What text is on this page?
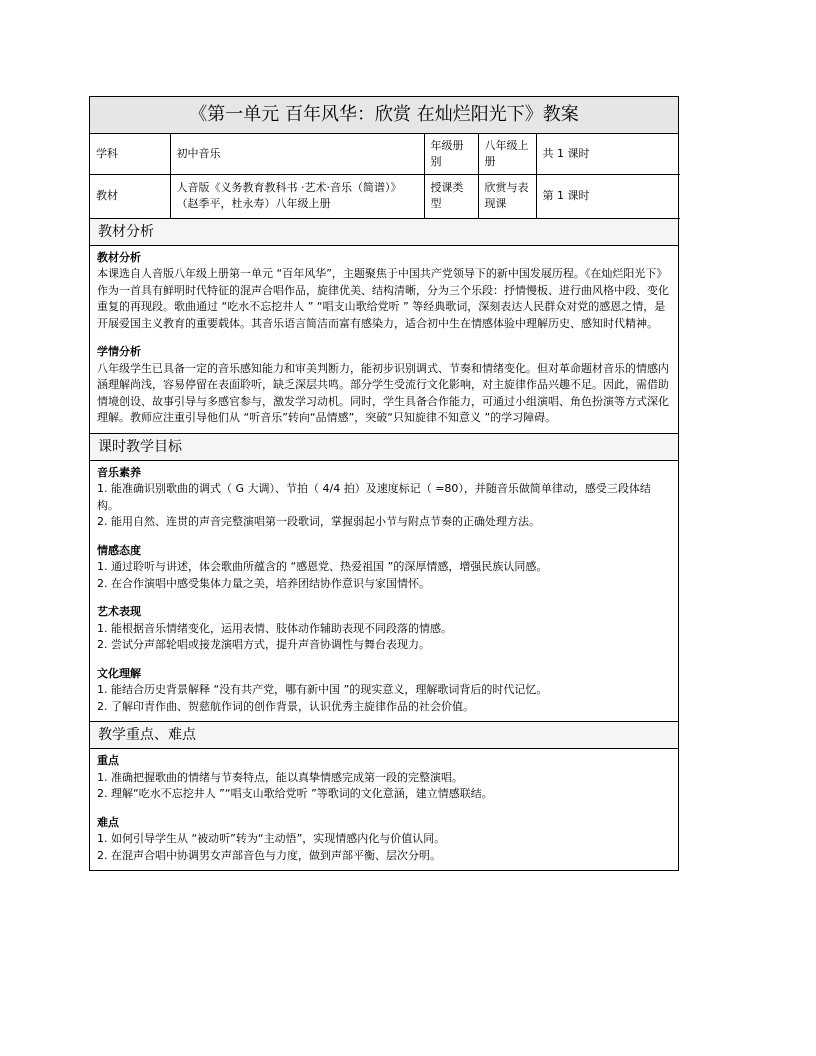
《第一单元 百年风华：欣赏 在灿烂阳光下》教案
学科	初中音乐	年级册别	八年级上册	共 1 课时
教材	人音版《义务教育教科书 ·艺术·音乐（简谱）》（赵季平，杜永寿）八年级上册	授课类型	欣赏与表现课	第 1 课时
教材分析

教材分析

本课选自人音版八年级上册第一单元 “百年风华”，主题聚焦于中国共产党领导下的新中国发展历程。《在灿烂阳光下》作为一首具有鲜明时代特征的混声合唱作品，旋律优美、结构清晰，分为三个乐段：抒情慢板、进行曲风格中段、变化重复的再现段。歌曲通过 “吃水不忘挖井人 ” “唱支山歌给党听 ” 等经典歌词，深刻表达人民群众对党的感恩之情，是开展爱国主义教育的重要载体。其音乐语言简洁而富有感染力，适合初中生在情感体验中理解历史、感知时代精神。

学情分析

八年级学生已具备一定的音乐感知能力和审美判断力，能初步识别调式、节奏和情绪变化。但对革命题材音乐的情感内涵理解尚浅，容易停留在表面聆听，缺乏深层共鸣。部分学生受流行文化影响，对主旋律作品兴趣不足。因此，需借助情境创设、故事引导与多感官参与，激发学习动机。同时，学生具备合作能力，可通过小组演唱、角色扮演等方式深化理解。教师应注重引导他们从 “听音乐”转向“品情感”，突破“只知旋律不知意义 ”的学习障碍。

课时教学目标

音乐素养

1. 能准确识别歌曲的调式（ G 大调）、节拍（ 4/4 拍）及速度标记（ =80），并随音乐做简单律动，感受三段体结构。

2. 能用自然、连贯的声音完整演唱第一段歌词，掌握弱起小节与附点节奏的正确处理方法。

情感态度

1. 通过聆听与讲述，体会歌曲所蕴含的 “感恩党、热爱祖国 ”的深厚情感，增强民族认同感。

2. 在合作演唱中感受集体力量之美，培养团结协作意识与家国情怀。

艺术表现

1. 能根据音乐情绪变化，运用表情、肢体动作辅助表现不同段落的情感。

2. 尝试分声部轮唱或接龙演唱方式，提升声音协调性与舞台表现力。

文化理解

1. 能结合历史背景解释 “没有共产党，哪有新中国 ”的现实意义，理解歌词背后的时代记忆。

2. 了解印青作曲、贺慈航作词的创作背景，认识优秀主旋律作品的社会价值。

教学重点、难点

重点

1. 准确把握歌曲的情绪与节奏特点，能以真挚情感完成第一段的完整演唱。

2. 理解“吃水不忘挖井人 ”“唱支山歌给党听 ”等歌词的文化意涵，建立情感联结。

难点

1. 如何引导学生从 “被动听”转为“主动悟”，实现情感内化与价值认同。

2. 在混声合唱中协调男女声部音色与力度，做到声部平衡、层次分明。
